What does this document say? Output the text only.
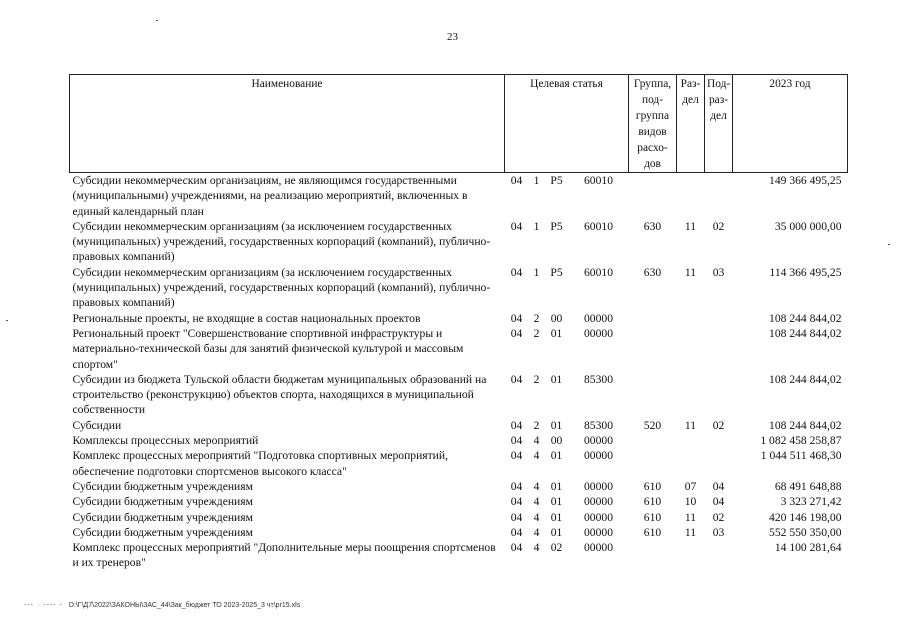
23
Наименование	Целевая статья				Группа, под-группа видов расхо-дов	Раз-дел	Под-раз-дел	2023 год
Субсидии некоммерческим организациям, не являющимся государственными (муниципальными) учреждениями, на реализацию мероприятий, включенных в единый календарный план	04	1	P5	60010				149 366 495,25
Субсидии некоммерческим организациям (за исключением государственных (муниципальных) учреждений, государственных корпораций (компаний), публично-правовых компаний)	04	1	P5	60010	630	11	02	35 000 000,00
Субсидии некоммерческим организациям (за исключением государственных (муниципальных) учреждений, государственных корпораций (компаний), публично-правовых компаний)	04	1	P5	60010	630	11	03	114 366 495,25
Региональные проекты, не входящие в состав национальных проектов	04	2	00	00000				108 244 844,02
Региональный проект "Совершенствование спортивной инфраструктуры и материально-технической базы для занятий физической культурой и массовым спортом"	04	2	01	00000				108 244 844,02
Субсидии из бюджета Тульской области бюджетам муниципальных образований на строительство (реконструкцию) объектов спорта, находящихся в муниципальной собственности	04	2	01	85300				108 244 844,02
Субсидии	04	2	01	85300	520	11	02	108 244 844,02
Комплексы процессных мероприятий	04	4	00	00000				1 082 458 258,87
Комплекс процессных мероприятий "Подготовка спортивных мероприятий, обеспечение подготовки спортсменов высокого класса"	04	4	01	00000				1 044 511 468,30
Субсидии бюджетным учреждениям	04	4	01	00000	610	07	04	68 491 648,88
Субсидии бюджетным учреждениям	04	4	01	00000	610	10	04	3 323 271,42
Субсидии бюджетным учреждениям	04	4	01	00000	610	11	02	420 146 198,00
Субсидии бюджетным учреждениям	04	4	01	00000	610	11	03	552 550 350,00
Комплекс процессных мероприятий "Дополнительные меры поощрения спортсменов и их тренеров"	04	4	02	00000				14 100 281,64
--- · ---- - D:\Г\Д7\2022\ЗАКОНЫ\ЗАС_44\Зак_бюджет ТО 2023-2025_3 чт\pr15.xls
